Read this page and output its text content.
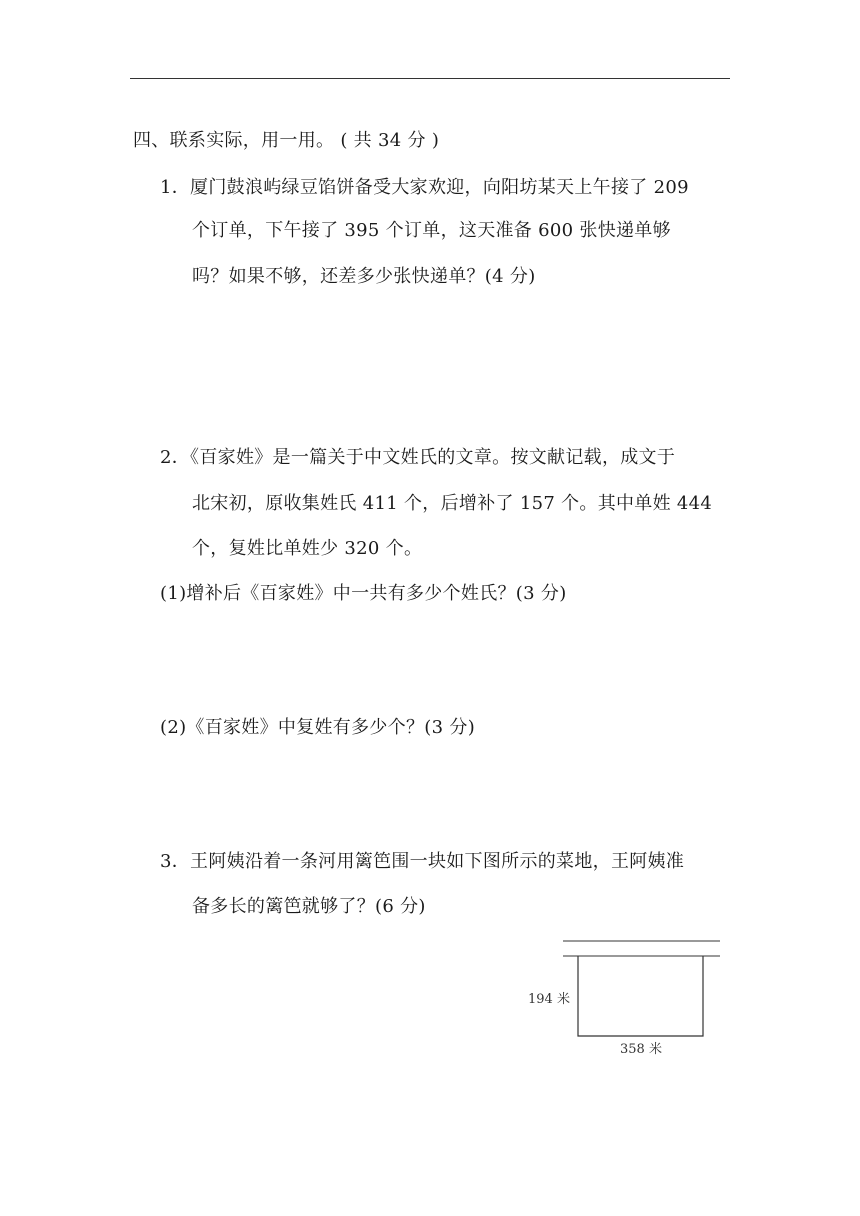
四、联系实际，用一用。 ( 共 34 分 )
1．厦门鼓浪屿绿豆馅饼备受大家欢迎，向阳坊某天上午接了 209
个订单，下午接了 395 个订单，这天准备 600 张快递单够
吗？如果不够，还差多少张快递单？(4 分)
2．《百家姓》是一篇关于中文姓氏的文章。按文献记载，成文于
北宋初，原收集姓氏 411 个，后增补了 157 个。其中单姓 444
个，复姓比单姓少 320 个。
(1)增补后《百家姓》中一共有多少个姓氏？(3 分)
(2)《百家姓》中复姓有多少个？(3 分)
3．王阿姨沿着一条河用篱笆围一块如下图所示的菜地，王阿姨准
备多长的篱笆就够了？(6 分)
194 米
358 米
